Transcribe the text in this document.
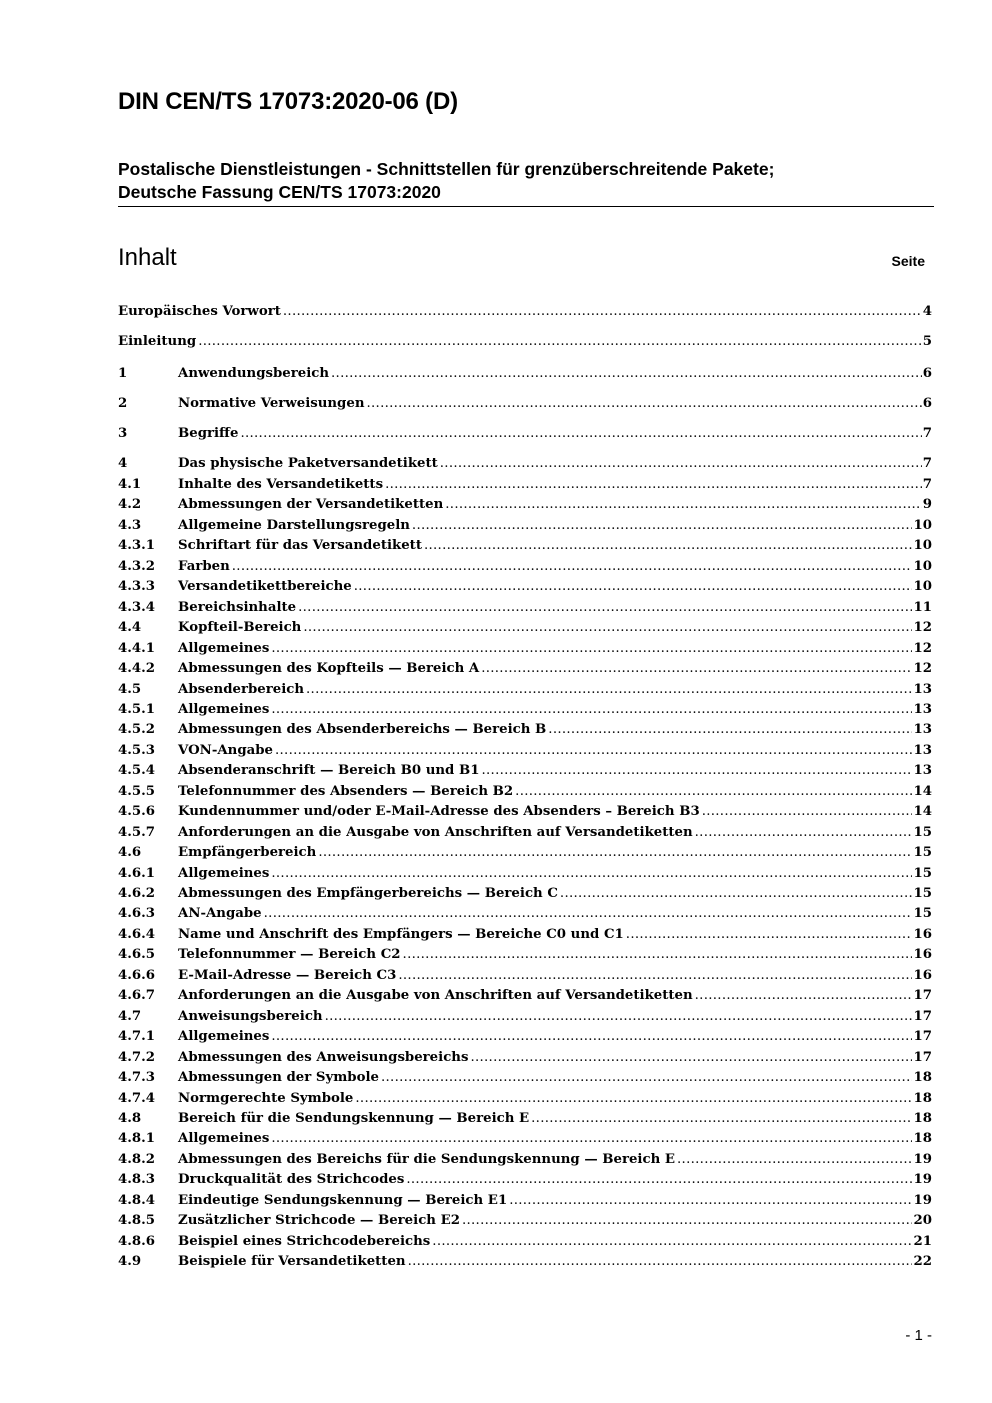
DIN CEN/TS 17073:2020-06 (D)
Postalische Dienstleistungen - Schnittstellen für grenzüberschreitende Pakete;
Deutsche Fassung CEN/TS 17073:2020
Inhalt	Seite
Europäisches Vorwort .....	4
Einleitung .....	5
1	Anwendungsbereich .....	6
2	Normative Verweisungen .....	6
3	Begriffe .....	7
4	Das physische Paketversandetikett .....	7
4.1	Inhalte des Versandetiketts .....	7
4.2	Abmessungen der Versandetiketten .....	9
4.3	Allgemeine Darstellungsregeln .....	10
4.3.1	Schriftart für das Versandetikett .....	10
4.3.2	Farben .....	10
4.3.3	Versandetikettbereiche .....	10
4.3.4	Bereichsinhalte .....	11
4.4	Kopfteil-Bereich .....	12
4.4.1	Allgemeines .....	12
4.4.2	Abmessungen des Kopfteils — Bereich A .....	12
4.5	Absenderbereich .....	13
4.5.1	Allgemeines .....	13
4.5.2	Abmessungen des Absenderbereichs — Bereich B .....	13
4.5.3	VON-Angabe .....	13
4.5.4	Absenderanschrift — Bereich B0 und B1 .....	13
4.5.5	Telefonnummer des Absenders — Bereich B2 .....	14
4.5.6	Kundennummer und/oder E-Mail-Adresse des Absenders – Bereich B3 .....	14
4.5.7	Anforderungen an die Ausgabe von Anschriften auf Versandetiketten .....	15
4.6	Empfängerbereich .....	15
4.6.1	Allgemeines .....	15
4.6.2	Abmessungen des Empfängerbereichs — Bereich C .....	15
4.6.3	AN-Angabe .....	15
4.6.4	Name und Anschrift des Empfängers — Bereiche C0 und C1 .....	16
4.6.5	Telefonnummer — Bereich C2 .....	16
4.6.6	E-Mail-Adresse — Bereich C3 .....	16
4.6.7	Anforderungen an die Ausgabe von Anschriften auf Versandetiketten .....	17
4.7	Anweisungsbereich .....	17
4.7.1	Allgemeines .....	17
4.7.2	Abmessungen des Anweisungsbereichs .....	17
4.7.3	Abmessungen der Symbole .....	18
4.7.4	Normgerechte Symbole .....	18
4.8	Bereich für die Sendungskennung — Bereich E .....	18
4.8.1	Allgemeines .....	18
4.8.2	Abmessungen des Bereichs für die Sendungskennung — Bereich E .....	19
4.8.3	Druckqualität des Strichcodes .....	19
4.8.4	Eindeutige Sendungskennung — Bereich E1 .....	19
4.8.5	Zusätzlicher Strichcode — Bereich E2 .....	20
4.8.6	Beispiel eines Strichcodebereichs .....	21
4.9	Beispiele für Versandetiketten .....	22
- 1 -
